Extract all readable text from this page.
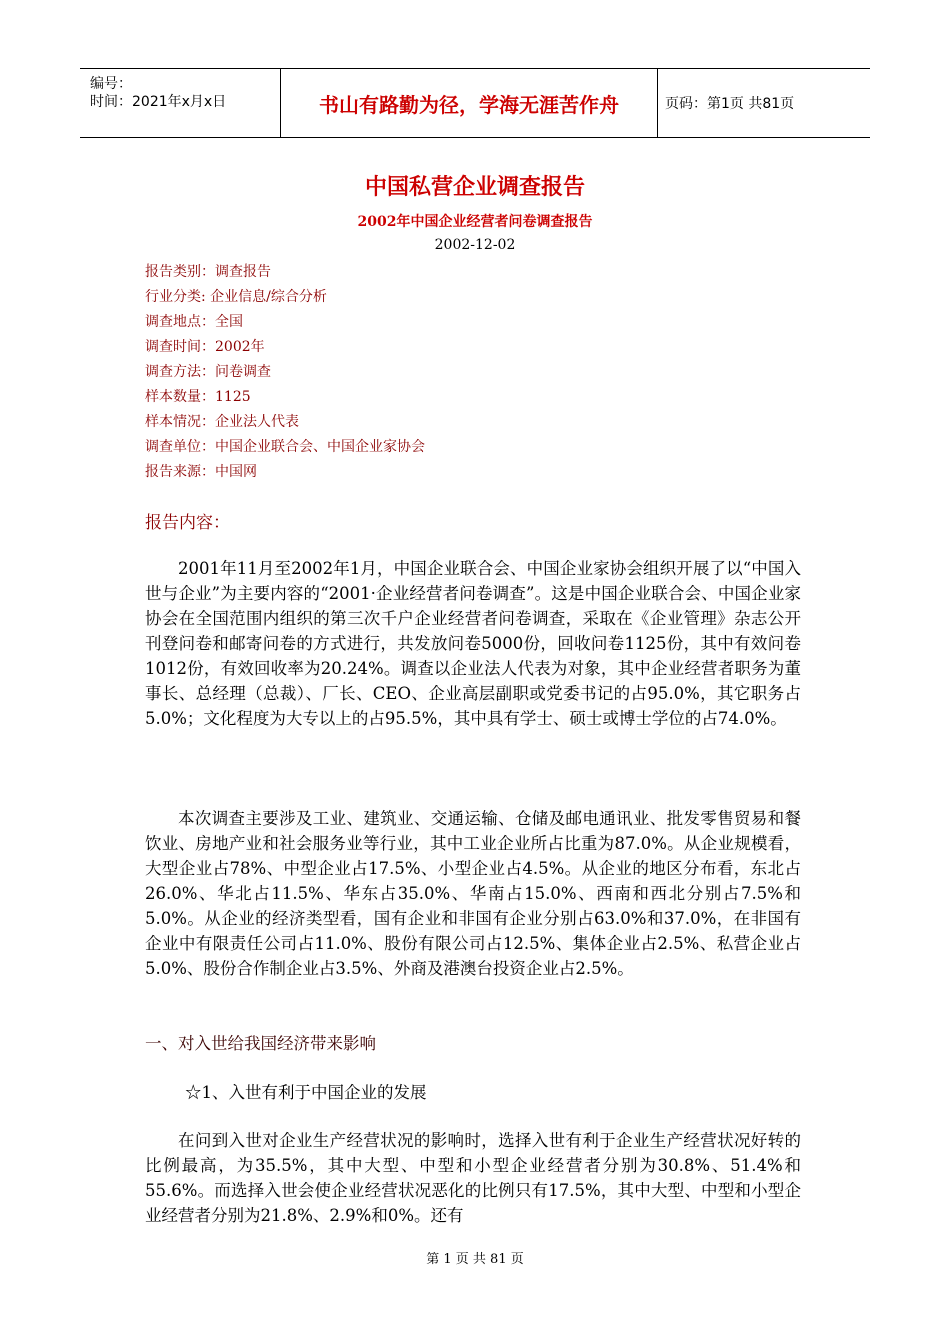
编号：
时间：2021年x月x日	书山有路勤为径，学海无涯苦作舟	页码：第1页 共81页
中国私营企业调查报告
2002年中国企业经营者问卷调查报告
2002-12-02
报告类别：调查报告
行业分类: 企业信息/综合分析
调查地点：全国
调查时间：2002年
调查方法：问卷调查
样本数量：1125
样本情况：企业法人代表
调查单位：中国企业联合会、中国企业家协会
报告来源：中国网
报告内容：

2001年11月至2002年1月，中国企业联合会、中国企业家协会组织开展了以“中国入世与企业”为主要内容的“2001·企业经营者问卷调查”。这是中国企业联合会、中国企业家协会在全国范围内组织的第三次千户企业经营者问卷调查，采取在《企业管理》杂志公开刊登问卷和邮寄问卷的方式进行，共发放问卷5000份，回收问卷1125份，其中有效问卷1012份，有效回收率为20.24%。调查以企业法人代表为对象，其中企业经营者职务为董事长、总经理（总裁）、厂长、CEO、企业高层副职或党委书记的占95.0%，其它职务占5.0%；文化程度为大专以上的占95.5%，其中具有学士、硕士或博士学位的占74.0%。

本次调查主要涉及工业、建筑业、交通运输、仓储及邮电通讯业、批发零售贸易和餐饮业、房地产业和社会服务业等行业，其中工业企业所占比重为87.0%。从企业规模看，大型企业占78%、中型企业占17.5%、小型企业占4.5%。从企业的地区分布看，东北占26.0%、华北占11.5%、华东占35.0%、华南占15.0%、西南和西北分别占7.5%和5.0%。从企业的经济类型看，国有企业和非国有企业分别占63.0%和37.0%，在非国有企业中有限责任公司占11.0%、股份有限公司占12.5%、集体企业占2.5%、私营企业占5.0%、股份合作制企业占3.5%、外商及港澳台投资企业占2.5%。

一、对入世给我国经济带来影响
☆1、入世有利于中国企业的发展

在问到入世对企业生产经营状况的影响时，选择入世有利于企业生产经营状况好转的比例最高，为35.5%，其中大型、中型和小型企业经营者分别为30.8%、51.4%和55.6%。而选择入世会使企业经营状况恶化的比例只有17.5%，其中大型、中型和小型企业经营者分别为21.8%、2.9%和0%。还有

第 1 页 共 81 页
